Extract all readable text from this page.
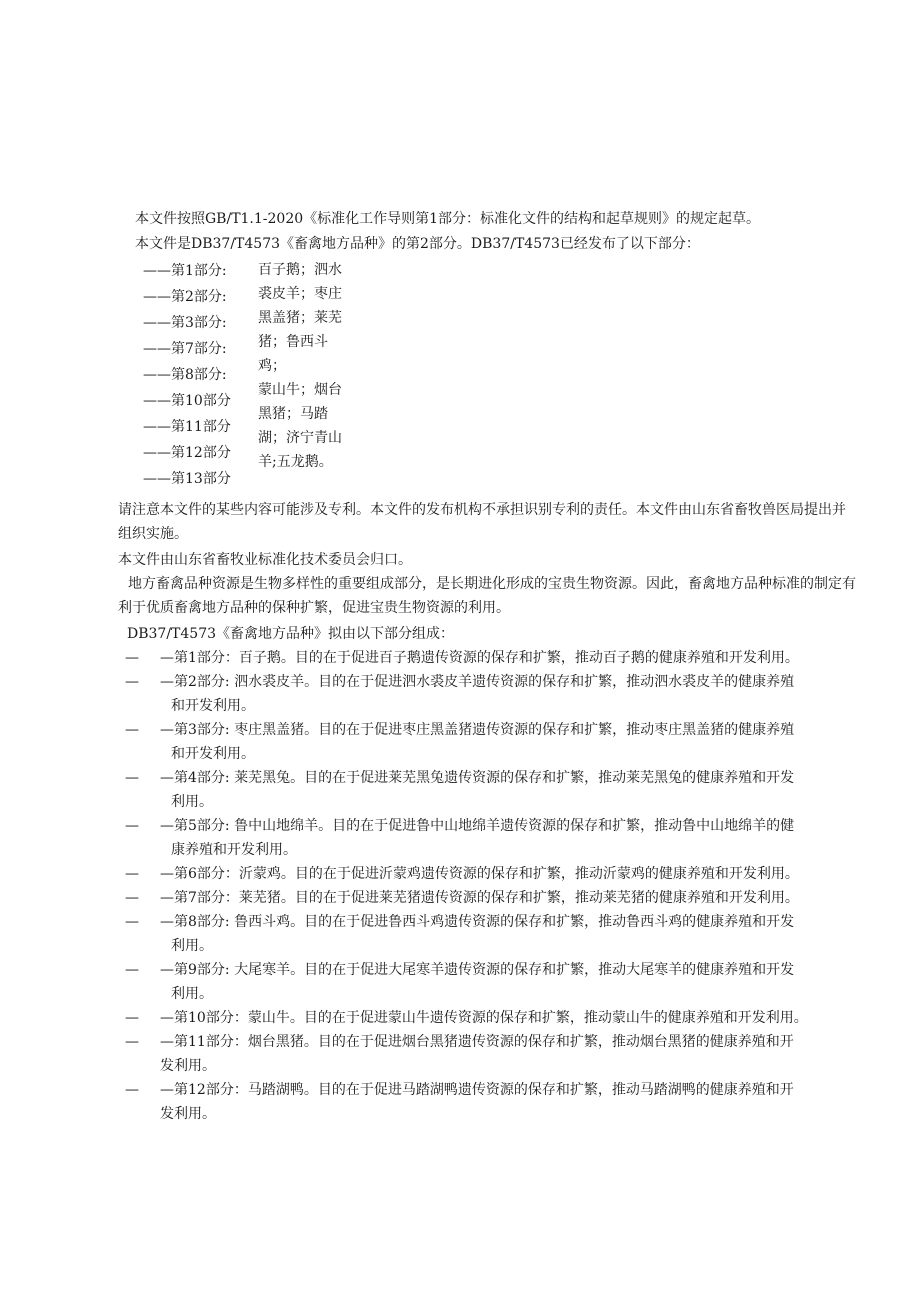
本文件按照GB/T1.1-2020《标准化工作导则第1部分：标准化文件的结构和起草规则》的规定起草。
本文件是DB37/T4573《畜禽地方品种》的第2部分。DB37/T4573已经发布了以下部分：
——第1部分:
——第2部分:
——第3部分:
——第7部分:
——第8部分:
——第10部分
——第11部分
——第12部分
——第13部分
百子鹅；泗水
裘皮羊；枣庄
黑盖猪；莱芜
猪；鲁西斗
鸡；
蒙山牛；烟台
黑猪；马踏
湖；济宁青山
羊;五龙鹅。
请注意本文件的某些内容可能涉及专利。本文件的发布机构不承担识别专利的责任。本文件由山东省畜牧兽医局提出并组织实施。
本文件由山东省畜牧业标准化技术委员会归口。
地方畜禽品种资源是生物多样性的重要组成部分，是长期进化形成的宝贵生物资源。因此，畜禽地方品种标准的制定有利于优质畜禽地方品种的保种扩繁，促进宝贵生物资源的利用。
DB37/T4573《畜禽地方品种》拟由以下部分组成：
— —第1部分：百子鹅。目的在于促进百子鹅遗传资源的保存和扩繁，推动百子鹅的健康养殖和开发利用。
— —第2部分: 泗水裘皮羊。目的在于促进泗水裘皮羊遗传资源的保存和扩繁，推动泗水裘皮羊的健康养殖
和开发利用。
— —第3部分: 枣庄黑盖猪。目的在于促进枣庄黑盖猪遗传资源的保存和扩繁，推动枣庄黑盖猪的健康养殖
和开发利用。
— —第4部分: 莱芜黑兔。目的在于促进莱芜黑兔遗传资源的保存和扩繁，推动莱芜黑兔的健康养殖和开发
利用。
— —第5部分: 鲁中山地绵羊。目的在于促进鲁中山地绵羊遗传资源的保存和扩繁，推动鲁中山地绵羊的健
康养殖和开发利用。
— —第6部分：沂蒙鸡。目的在于促进沂蒙鸡遗传资源的保存和扩繁，推动沂蒙鸡的健康养殖和开发利用。
— —第7部分：莱芜猪。目的在于促进莱芜猪遗传资源的保存和扩繁，推动莱芜猪的健康养殖和开发利用。
— —第8部分: 鲁西斗鸡。目的在于促进鲁西斗鸡遗传资源的保存和扩繁，推动鲁西斗鸡的健康养殖和开发
利用。
— —第9部分: 大尾寒羊。目的在于促进大尾寒羊遗传资源的保存和扩繁，推动大尾寒羊的健康养殖和开发
利用。
— —第10部分：蒙山牛。目的在于促进蒙山牛遗传资源的保存和扩繁，推动蒙山牛的健康养殖和开发利用。
— —第11部分：烟台黑猪。目的在于促进烟台黑猪遗传资源的保存和扩繁，推动烟台黑猪的健康养殖和开
发利用。
— —第12部分：马踏湖鸭。目的在于促进马踏湖鸭遗传资源的保存和扩繁，推动马踏湖鸭的健康养殖和开
发利用。
